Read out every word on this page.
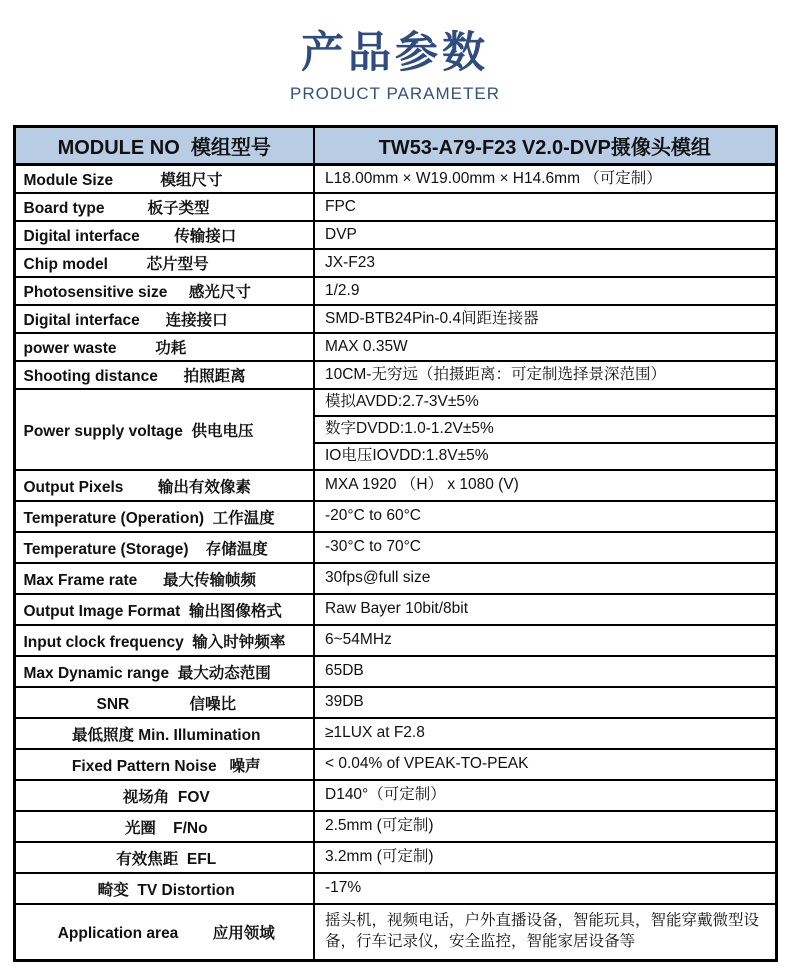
产品参数
PRODUCT PARAMETER
MODULE NO  模组型号	TW53-A79-F23 V2.0-DVP摄像头模组
Module Size           模组尺寸	L18.00mm × W19.00mm × H14.6mm （可定制）
Board type          板子类型	FPC
Digital interface        传输接口	DVP
Chip model         芯片型号	JX-F23
Photosensitive size     感光尺寸	1/2.9
Digital interface      连接接口	SMD-BTB24Pin-0.4间距连接器
power waste         功耗	MAX 0.35W
Shooting distance      拍照距离	10CM-无穷远（拍摄距离：可定制选择景深范围）
Power supply voltage  供电电压	模拟AVDD:2.7-3V±5%
	数字DVDD:1.0-1.2V±5%
	IO电压IOVDD:1.8V±5%
Output Pixels        输出有效像素	MXA 1920 （H） x 1080 (V)
Temperature (Operation)  工作温度	-20°C to 60°C
Temperature (Storage)    存储温度	-30°C to 70°C
Max Frame rate      最大传输帧频	30fps@full size
Output Image Format  输出图像格式	Raw Bayer 10bit/8bit
Input clock frequency  输入时钟频率	6~54MHz
Max Dynamic range  最大动态范围	65DB
SNR              信噪比	39DB
最低照度 Min. Illumination	≥1LUX at F2.8
Fixed Pattern Noise   噪声	< 0.04% of VPEAK-TO-PEAK
视场角  FOV	D140°（可定制）
光圈    F/No	2.5mm (可定制)
有效焦距  EFL	3.2mm (可定制)
畸变  TV Distortion	-17%
Application area        应用领域	摇头机，视频电话，户外直播设备，智能玩具，智能穿戴微型设备，行车记录仪，安全监控，智能家居设备等
